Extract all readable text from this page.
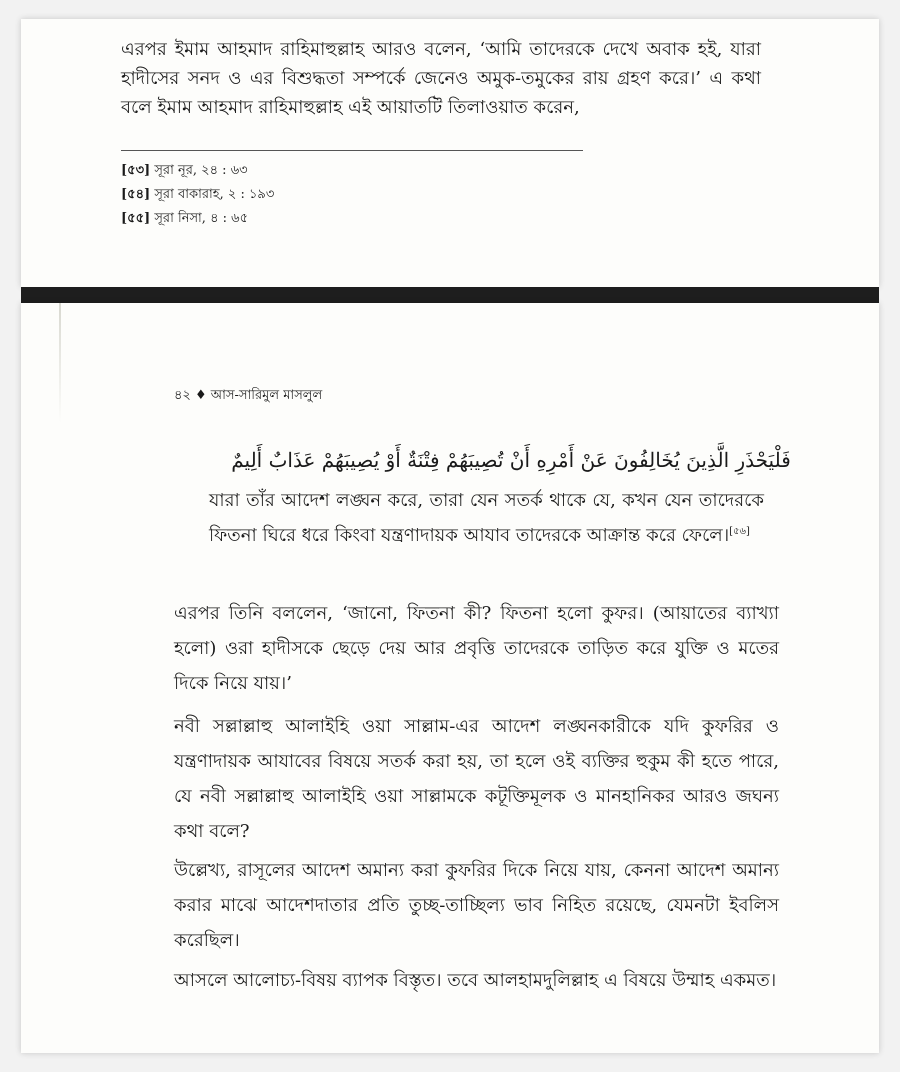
এরপর ইমাম আহমাদ রাহিমাহুল্লাহ আরও বলেন, ‘আমি তাদেরকে দেখে অবাক হই, যারা হাদীসের সনদ ও এর বিশুদ্ধতা সম্পর্কে জেনেও অমুক-তমুকের রায় গ্রহণ করে।’ এ কথা বলে ইমাম আহমাদ রাহিমাহুল্লাহ এই আয়াতটি তিলাওয়াত করেন,

[৫৩] সূরা নূর, ২৪ : ৬৩
[৫৪] সূরা বাকারাহ, ২ : ১৯৩
[৫৫] সূরা নিসা, ৪ : ৬৫
৪২ ♦ আস-সারিমুল মাসলুল
فَلْيَحْذَرِ الَّذِينَ يُخَالِفُونَ عَنْ أَمْرِهِ أَنْ تُصِيبَهُمْ فِتْنَةٌ أَوْ يُصِيبَهُمْ عَذَابٌ أَلِيمٌ

যারা তাঁর আদেশ লঙ্ঘন করে, তারা যেন সতর্ক থাকে যে, কখন যেন তাদেরকে ফিতনা ঘিরে ধরে কিংবা যন্ত্রণাদায়ক আযাব তাদেরকে আক্রান্ত করে ফেলে।[৫৬]

এরপর তিনি বললেন, ‘জানো, ফিতনা কী? ফিতনা হলো কুফর। (আয়াতের ব্যাখ্যা হলো) ওরা হাদীসকে ছেড়ে দেয় আর প্রবৃত্তি তাদেরকে তাড়িত করে যুক্তি ও মতের দিকে নিয়ে যায়।’

নবী সল্লাল্লাহু আলাইহি ওয়া সাল্লাম-এর আদেশ লঙ্ঘনকারীকে যদি কুফরির ও যন্ত্রণাদায়ক আযাবের বিষয়ে সতর্ক করা হয়, তা হলে ওই ব্যক্তির হুকুম কী হতে পারে, যে নবী সল্লাল্লাহু আলাইহি ওয়া সাল্লামকে কটূক্তিমূলক ও মানহানিকর আরও জঘন্য কথা বলে?

উল্লেখ্য, রাসূলের আদেশ অমান্য করা কুফরির দিকে নিয়ে যায়, কেননা আদেশ অমান্য করার মাঝে আদেশদাতার প্রতি তুচ্ছ-তাচ্ছিল্য ভাব নিহিত রয়েছে, যেমনটা ইবলিস করেছিল।

আসলে আলোচ্য-বিষয় ব্যাপক বিস্তৃত। তবে আলহামদুলিল্লাহ এ বিষয়ে উম্মাহ একমত।
